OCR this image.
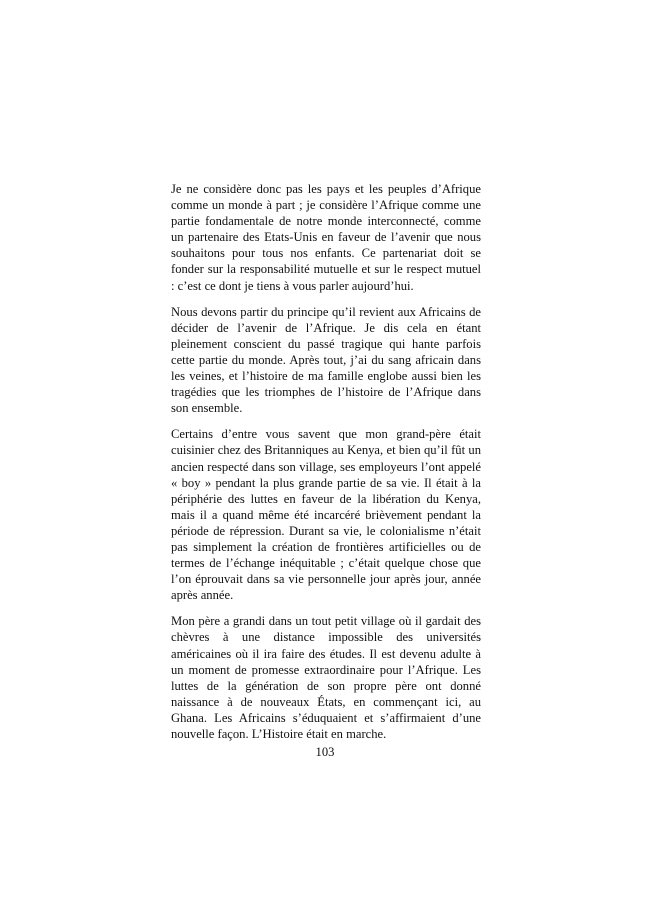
Je ne considère donc pas les pays et les peuples d’Afrique comme un monde à part ; je considère l’Afrique comme une partie fondamentale de notre monde interconnecté, comme un partenaire des Etats-Unis en faveur de l’avenir que nous souhaitons pour tous nos enfants. Ce partenariat doit se fonder sur la responsabilité mutuelle et sur le respect mutuel : c’est ce dont je tiens à vous parler aujourd’hui.

Nous devons partir du principe qu’il revient aux Africains de décider de l’avenir de l’Afrique. Je dis cela en étant pleinement conscient du passé tragique qui hante parfois cette partie du monde. Après tout, j’ai du sang africain dans les veines, et l’histoire de ma famille englobe aussi bien les tragédies que les triomphes de l’histoire de l’Afrique dans son ensemble.

Certains d’entre vous savent que mon grand-père était cuisinier chez des Britanniques au Kenya, et bien qu’il fût un ancien respecté dans son village, ses employeurs l’ont appelé « boy » pendant la plus grande partie de sa vie. Il était à la périphérie des luttes en faveur de la libération du Kenya, mais il a quand même été incarcéré brièvement pendant la période de répression. Durant sa vie, le colonialisme n’était pas simplement la création de frontières artificielles ou de termes de l’échange inéquitable ; c’était quelque chose que l’on éprouvait dans sa vie personnelle jour après jour, année après année.

Mon père a grandi dans un tout petit village où il gardait des chèvres à une distance impossible des universités américaines où il ira faire des études. Il est devenu adulte à un moment de promesse extraordinaire pour l’Afrique. Les luttes de la génération de son propre père ont donné naissance à de nouveaux États, en commençant ici, au Ghana. Les Africains s’éduquaient et s’affirmaient d’une nouvelle façon. L’Histoire était en marche.

103
